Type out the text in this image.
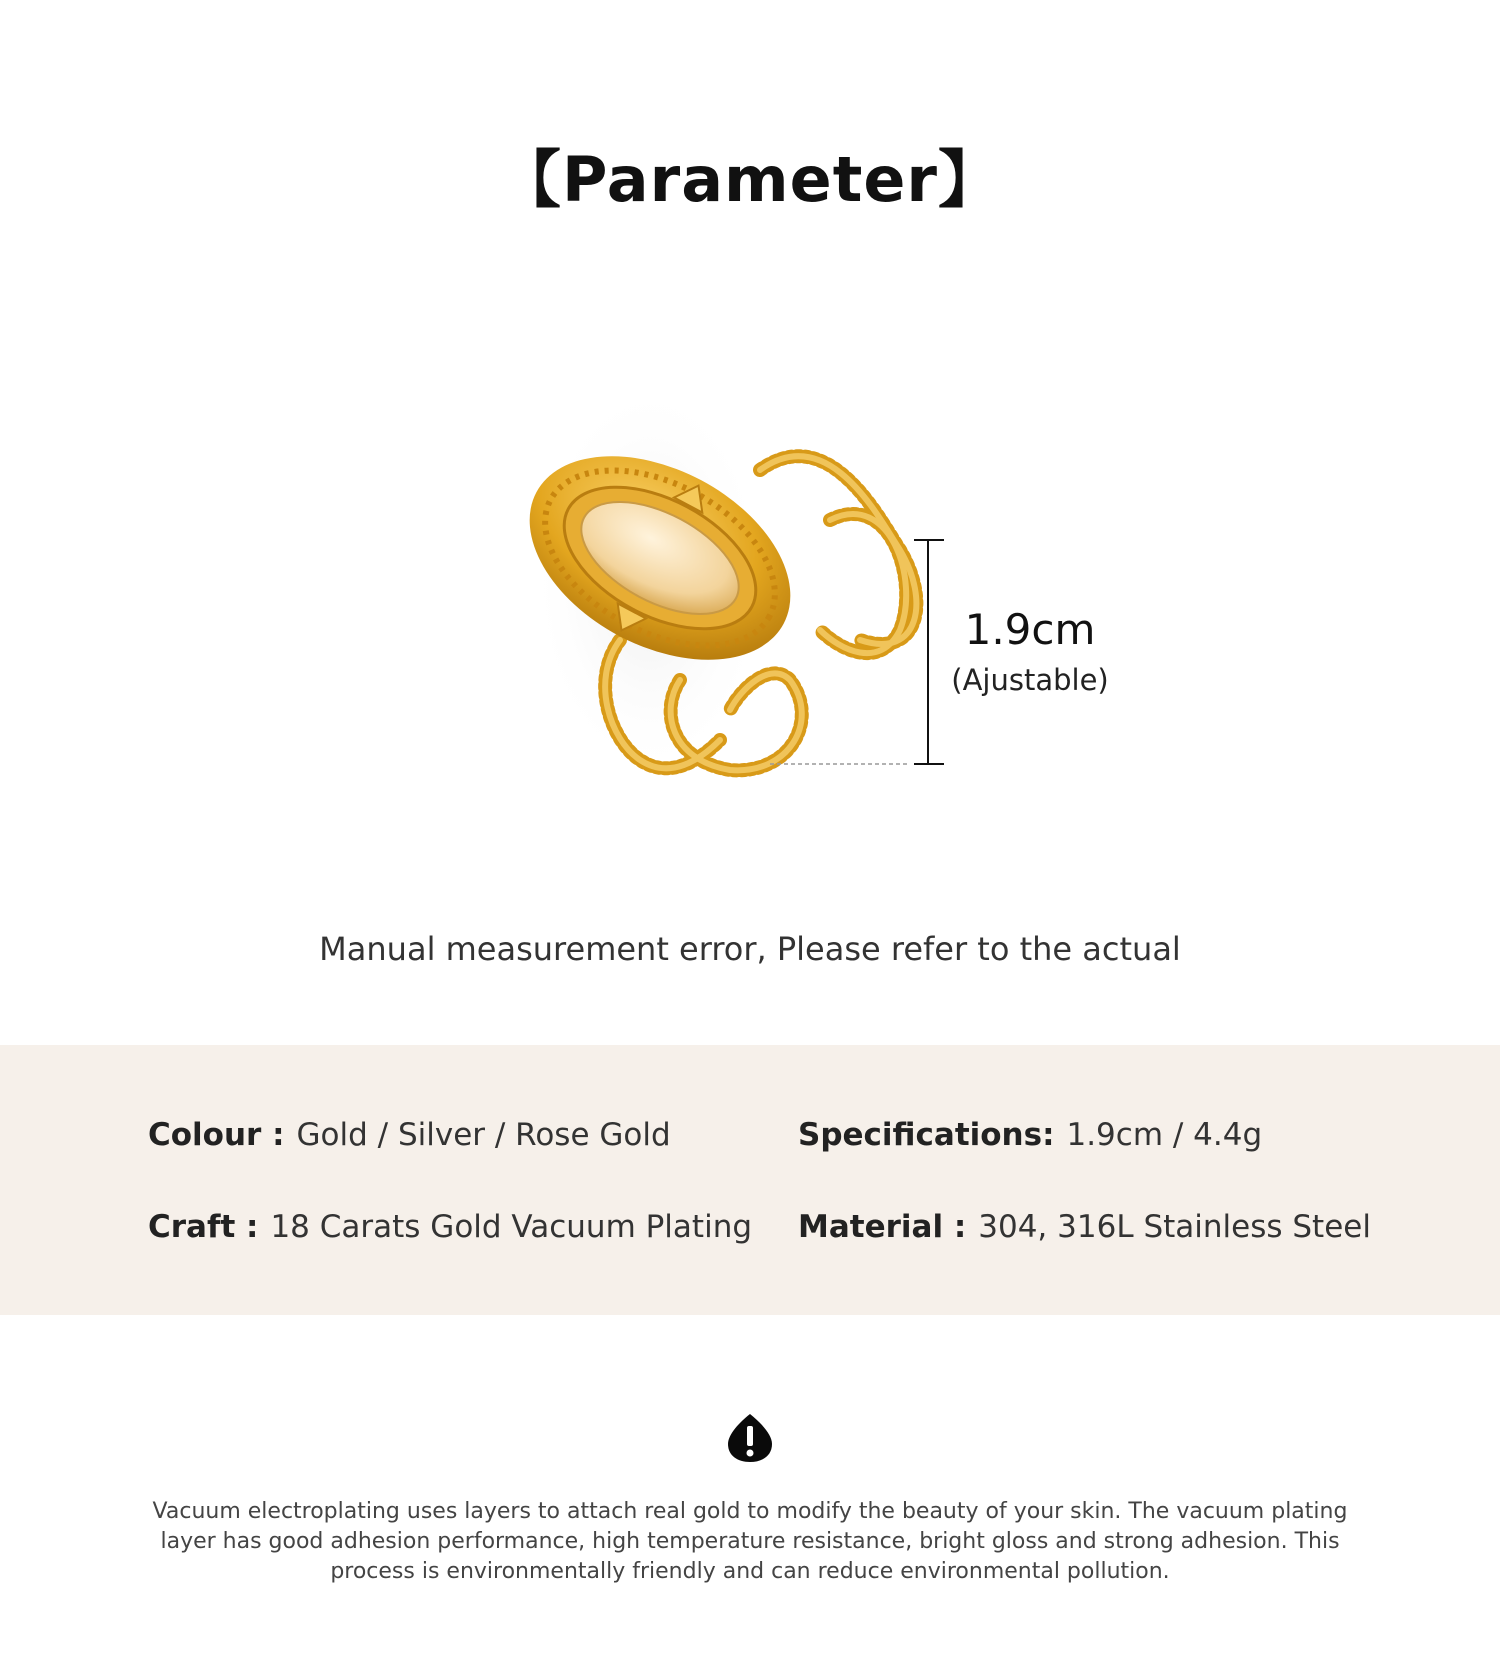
【Parameter】
1.9cm
(Ajustable)
Manual measurement error, Please refer to the actual
Colour : Gold / Silver / Rose Gold	Specifications: 1.9cm / 4.4g
Craft : 18 Carats Gold Vacuum Plating Material : 304, 316L Stainless Steel
Vacuum electroplating uses layers to attach real gold to modify the beauty of your skin. The vacuum plating layer has good adhesion performance, high temperature resistance, bright gloss and strong adhesion. This process is environmentally friendly and can reduce environmental pollution.
